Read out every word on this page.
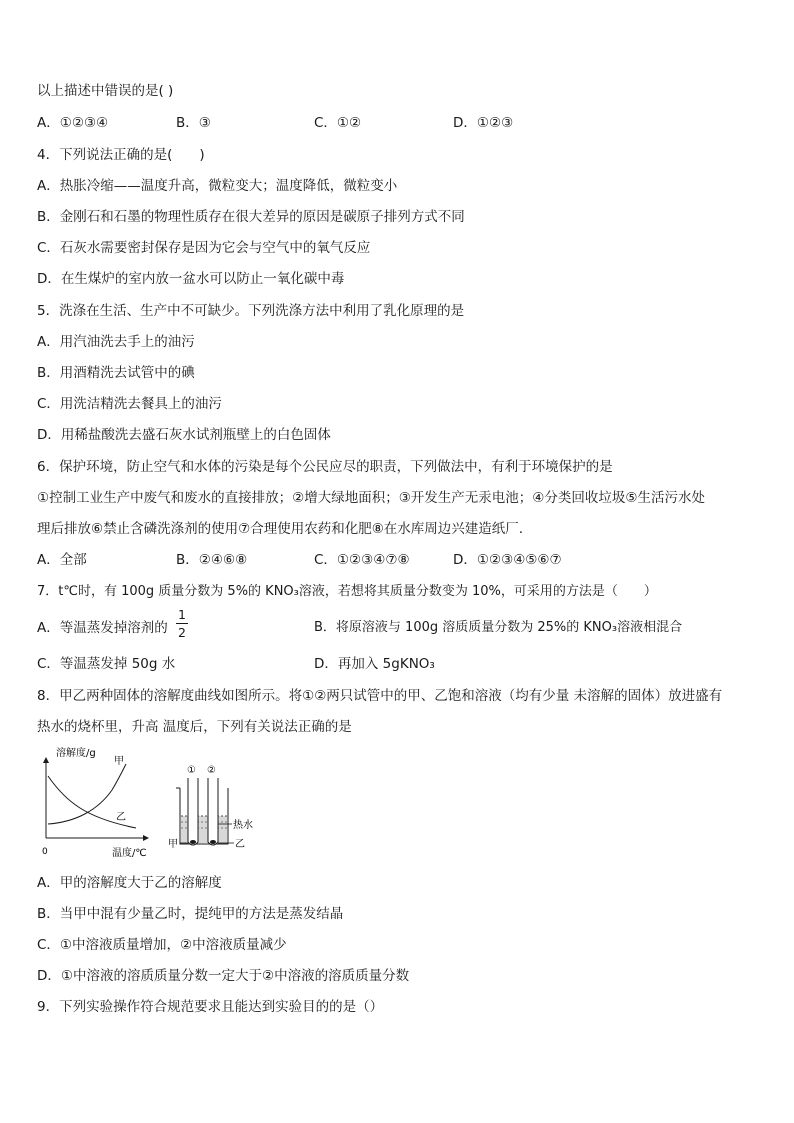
以上描述中错误的是( )
A．①②③④	B．③	C．①②	D．①②③
4．下列说法正确的是(　　)
A．热胀冷缩——温度升高，微粒变大；温度降低，微粒变小
B．金刚石和石墨的物理性质存在很大差异的原因是碳原子排列方式不同
C．石灰水需要密封保存是因为它会与空气中的氧气反应
D．在生煤炉的室内放一盆水可以防止一氧化碳中毒
5．洗涤在生活、生产中不可缺少。下列洗涤方法中利用了乳化原理的是
A．用汽油洗去手上的油污
B．用酒精洗去试管中的碘
C．用洗洁精洗去餐具上的油污
D．用稀盐酸洗去盛石灰水试剂瓶壁上的白色固体
6．保护环境，防止空气和水体的污染是每个公民应尽的职责，下列做法中，有利于环境保护的是
①控制工业生产中废气和废水的直接排放；②增大绿地面积；③开发生产无汞电池；④分类回收垃圾⑤生活污水处
理后排放⑥禁止含磷洗涤剂的使用⑦合理使用农药和化肥⑧在水库周边兴建造纸厂.
A．全部	B．②④⑥⑧	C．①②③④⑦⑧	D．①②③④⑤⑥⑦
7．t℃时，有 100g 质量分数为 5%的 KNO₃溶液，若想将其质量分数变为 10%，可采用的方法是（　　）
A．等温蒸发掉溶剂的
1
2	B．将原溶液与 100g 溶质质量分数为 25%的 KNO₃溶液相混合
C．等温蒸发掉 50g 水	D．再加入 5gKNO₃
8．甲乙两种固体的溶解度曲线如图所示。将①②两只试管中的甲、乙饱和溶液（均有少量 未溶解的固体）放进盛有
热水的烧杯里，升高 温度后，下列有关说法正确的是
溶解度/g
温度/℃
0
甲
乙
① ②
热水
甲	乙
A．甲的溶解度大于乙的溶解度
B．当甲中混有少量乙时，提纯甲的方法是蒸发结晶
C．①中溶液质量增加，②中溶液质量减少
D．①中溶液的溶质质量分数一定大于②中溶液的溶质质量分数
9．下列实验操作符合规范要求且能达到实验目的的是（）
